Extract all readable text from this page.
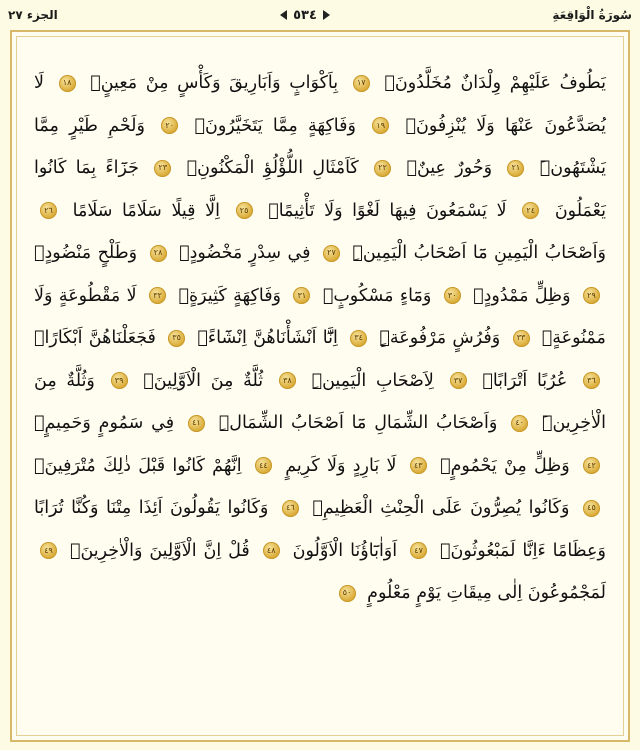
الجزء ٢٧	٥٣٤	سُورَةُ الْوَاقِعَةِ
يَطُوفُ عَلَيْهِمْ وِلْدَانٌ مُخَلَّدُونَۙ ١٧ بِاَكْوَابٍ وَاَبَارِيقَ وَكَأْسٍ مِنْ مَعِينٍۙ ١٨ لَا يُصَدَّعُونَ عَنْهَا وَلَا يُنْزِفُونَۙ ١٩ وَفَاكِهَةٍ مِمَّا يَتَخَيَّرُونَۙ ٢٠ وَلَحْمِ طَيْرٍ مِمَّا يَشْتَهُونَۜ ٢١ وَحُورٌ عِينٌۙ ٢٢ كَاَمْثَالِ اللُّؤْلُؤِ الْمَكْنُونِۚ ٢٣ جَزَٓاءً بِمَا كَانُوا يَعْمَلُونَ ٢٤ لَا يَسْمَعُونَ فِيهَا لَغْوًا وَلَا تَأْثِيمًاۙ ٢٥ اِلَّا قِيلًا سَلَامًا سَلَامًا ٢٦ وَاَصْحَابُ الْيَمِينِ مَٓا اَصْحَابُ الْيَمِينِۜ ٢٧ فِي سِدْرٍ مَخْضُودٍۙ ٢٨ وَطَلْحٍ مَنْضُودٍۙ ٢٩ وَظِلٍّ مَمْدُودٍۙ ٣٠ وَمَٓاءٍ مَسْكُوبٍۙ ٣١ وَفَاكِهَةٍ كَثِيرَةٍۙ ٣٢ لَا مَقْطُوعَةٍ وَلَا مَمْنُوعَةٍۙ ٣٣ وَفُرُشٍ مَرْفُوعَةٍۜ ٣٤ اِنَّٓا اَنْشَأْنَاهُنَّ اِنْشَٓاءًۙ ٣٥ فَجَعَلْنَاهُنَّ اَبْكَارًاۙ ٣٦ عُرُبًا اَتْرَابًاۙ ٣٧ لِاَصْحَابِ الْيَمِينِۜ ٣٨ ثُلَّةٌ مِنَ الْاَوَّلِينَۙ ٣٩ وَثُلَّةٌ مِنَ الْاٰخِرِينَۜ ٤٠ وَاَصْحَابُ الشِّمَالِ مَٓا اَصْحَابُ الشِّمَالِۜ ٤١ فِي سَمُومٍ وَحَمِيمٍۙ ٤٢ وَظِلٍّ مِنْ يَحْمُومٍۙ ٤٣ لَا بَارِدٍ وَلَا كَرِيمٍ ٤٤ اِنَّهُمْ كَانُوا قَبْلَ ذٰلِكَ مُتْرَفِينَۚ ٤٥ وَكَانُوا يُصِرُّونَ عَلَى الْحِنْثِ الْعَظِيمِۚ ٤٦ وَكَانُوا يَقُولُونَ اَئِذَا مِتْنَا وَكُنَّا تُرَابًا وَعِظَامًا ءَاِنَّا لَمَبْعُوثُونَۙ ٤٧ اَوَاٰبَٓاؤُنَا الْاَوَّلُونَ ٤٨ قُلْ اِنَّ الْاَوَّلِينَ وَالْاٰخِرِينَۙ ٤٩ لَمَجْمُوعُونَ اِلٰى مِيقَاتِ يَوْمٍ مَعْلُومٍ ٥٠
